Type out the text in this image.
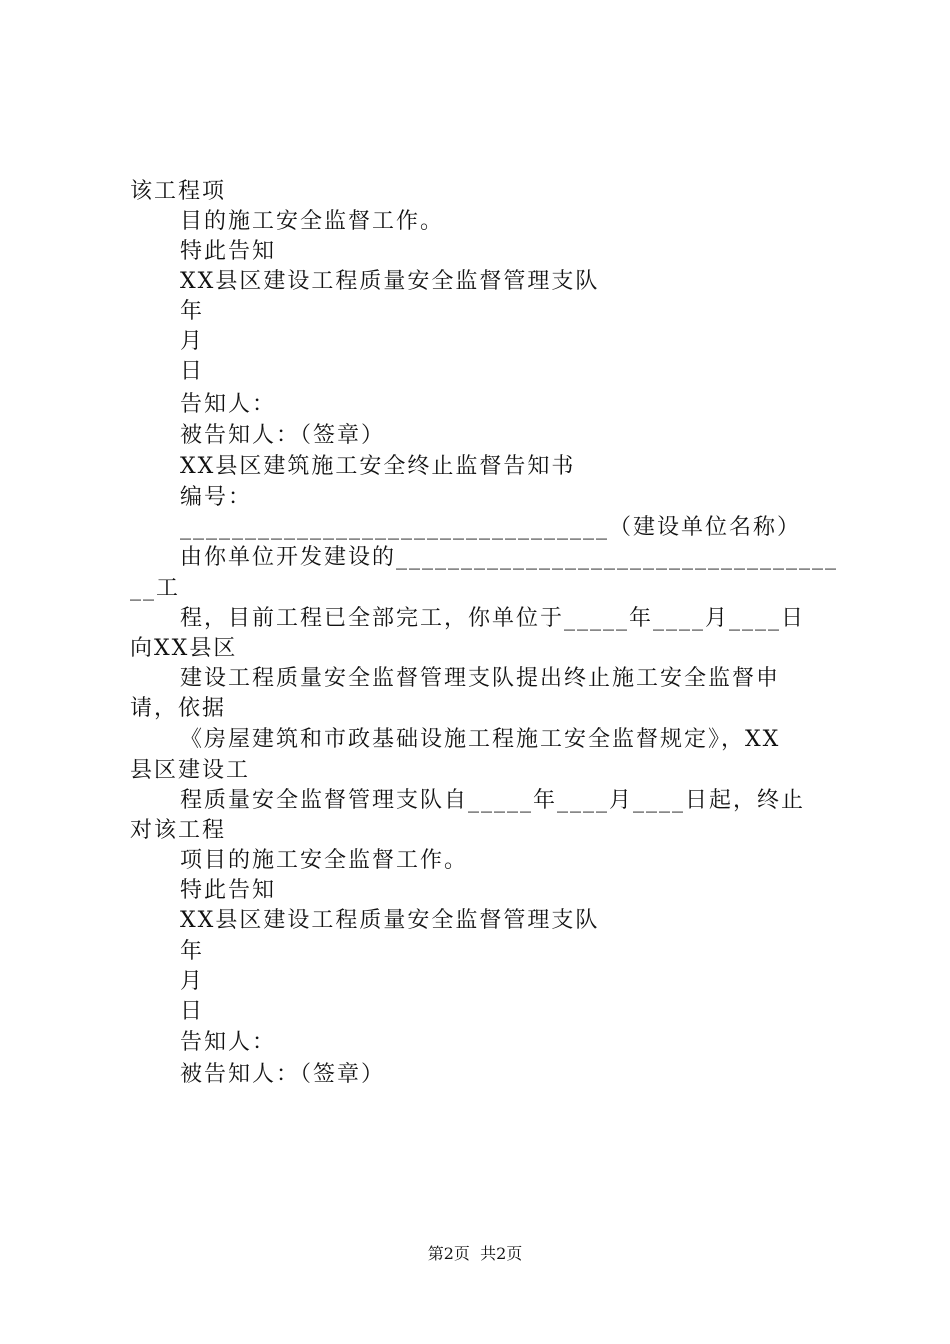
该工程项
目的施工安全监督工作。
特此告知
XX县区建设工程质量安全监督管理支队
年
月
日
告知人：
被告知人：（签章）
XX县区建筑施工安全终止监督告知书
编号：
_________________________________（建设单位名称）
由你单位开发建设的__________________________________
__工
程，目前工程已全部完工，你单位于_____年____月____日
向XX县区
建设工程质量安全监督管理支队提出终止施工安全监督申
请，依据
《房屋建筑和市政基础设施工程施工安全监督规定》，XX
县区建设工
程质量安全监督管理支队自_____年____月____日起，终止
对该工程
项目的施工安全监督工作。
特此告知
XX县区建设工程质量安全监督管理支队
年
月
日
告知人：
被告知人：（签章）
第2页  共2页
